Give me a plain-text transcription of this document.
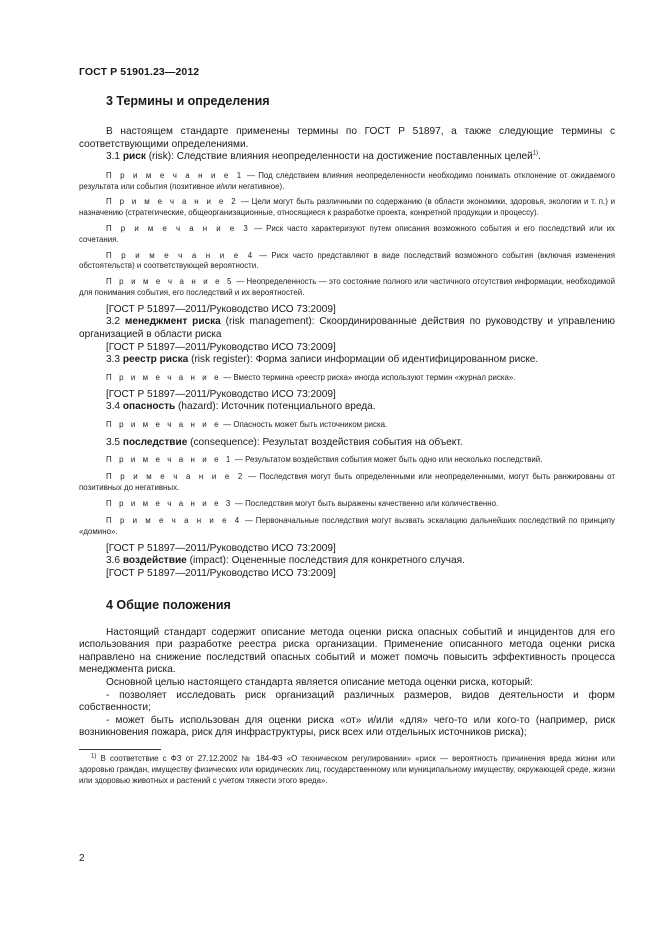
ГОСТ Р 51901.23—2012
3 Термины и определения

В настоящем стандарте применены термины по ГОСТ Р 51897, а также следующие термины с соответствующими определениями.

3.1 риск (risk): Следствие влияния неопределенности на достижение поставленных целей$^{1)}$.

П р и м е ч а н и е 1 — Под следствием влияния неопределенности необходимо понимать отклонение от ожидаемого результата или события (позитивное и/или негативное).

П р и м е ч а н и е 2 — Цели могут быть различными по содержанию (в области экономики, здоровья, экологии и т. п.) и назначению (стратегические, общеорганизационные, относящиеся к разработке проекта, конкретной продукции и процессу).

П р и м е ч а н и е 3 — Риск часто характеризуют путем описания возможного события и его последствий или их сочетания.

П р и м е ч а н и е 4 — Риск часто представляют в виде последствий возможного события (включая изменения обстоятельств) и соответствующей вероятности.

П р и м е ч а н и е 5 — Неопределенность — это состояние полного или частичного отсутствия информации, необходимой для понимания события, его последствий и их вероятностей.

[ГОСТ Р 51897—2011/Руководство ИСО 73:2009]

3.2 менеджмент риска (risk management): Скоординированные действия по руководству и управлению организацией в области риска

[ГОСТ Р 51897—2011/Руководство ИСО 73:2009]

3.3 реестр риска (risk register): Форма записи информации об идентифицированном риске.

П р и м е ч а н и е — Вместо термина «реестр риска» иногда используют термин «журнал риска».

[ГОСТ Р 51897—2011/Руководство ИСО 73:2009]

3.4 опасность (hazard): Источник потенциального вреда.

П р и м е ч а н и е — Опасность может быть источником риска.

3.5 последствие (consequence): Результат воздействия события на объект.

П р и м е ч а н и е 1 — Результатом воздействия события может быть одно или несколько последствий.

П р и м е ч а н и е 2 — Последствия могут быть определенными или неопределенными, могут быть ранжированы от позитивных до негативных.

П р и м е ч а н и е 3 — Последствия могут быть выражены качественно или количественно.

П р и м е ч а н и е 4 — Первоначальные последствия могут вызвать эскалацию дальнейших последствий по принципу «домино».

[ГОСТ Р 51897—2011/Руководство ИСО 73:2009]

3.6 воздействие (impact): Оцененные последствия для конкретного случая.

[ГОСТ Р 51897—2011/Руководство ИСО 73:2009]

4 Общие положения

Настоящий стандарт содержит описание метода оценки риска опасных событий и инцидентов для его использования при разработке реестра риска организации. Применение описанного метода оценки риска направлено на снижение последствий опасных событий и может помочь повысить эффективность процесса менеджмента риска.

Основной целью настоящего стандарта является описание метода оценки риска, который:

- позволяет исследовать риск организаций различных размеров, видов деятельности и форм собственности;

- может быть использован для оценки риска «от» и/или «для» чего-то или кого-то (например, риск возникновения пожара, риск для инфраструктуры, риск всех или отдельных источников риска);

$^{1)}$ В соответствие с ФЗ от 27.12.2002 № 184-ФЗ «О техническом регулировании» «риск — вероятность причинения вреда жизни или здоровью граждан, имуществу физических или юридических лиц, государственному или муниципальному имуществу, окружающей среде, жизни или здоровью животных и растений с учетом тяжести этого вреда».

2
